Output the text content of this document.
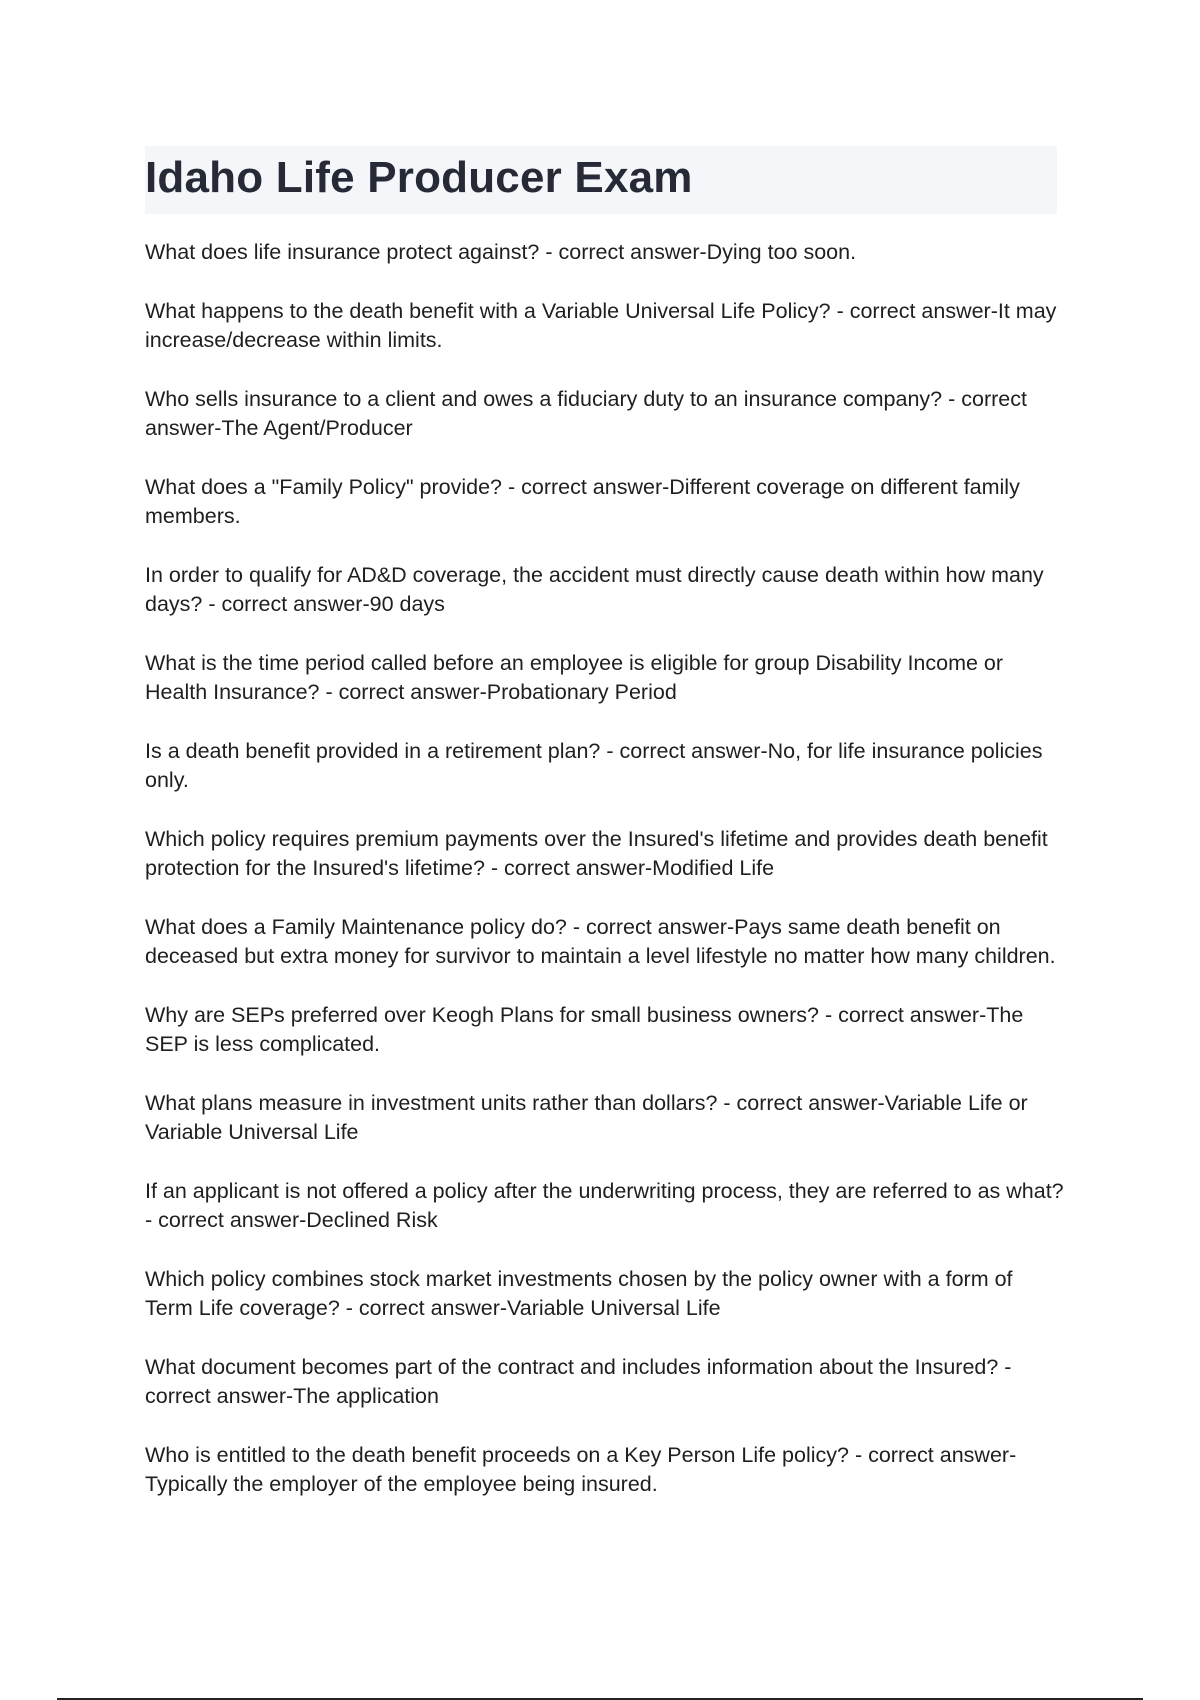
Idaho Life Producer Exam

What does life insurance protect against? - correct answer-Dying too soon.

What happens to the death benefit with a Variable Universal Life Policy? - correct answer-It may increase/decrease within limits.

Who sells insurance to a client and owes a fiduciary duty to an insurance company? - correct answer-The Agent/Producer

What does a "Family Policy" provide? - correct answer-Different coverage on different family members.

In order to qualify for AD&D coverage, the accident must directly cause death within how many days? - correct answer-90 days

What is the time period called before an employee is eligible for group Disability Income or Health Insurance? - correct answer-Probationary Period

Is a death benefit provided in a retirement plan? - correct answer-No, for life insurance policies only.

Which policy requires premium payments over the Insured's lifetime and provides death benefit protection for the Insured's lifetime? - correct answer-Modified Life

What does a Family Maintenance policy do? - correct answer-Pays same death benefit on deceased but extra money for survivor to maintain a level lifestyle no matter how many children.

Why are SEPs preferred over Keogh Plans for small business owners? - correct answer-The SEP is less complicated.

What plans measure in investment units rather than dollars? - correct answer-Variable Life or Variable Universal Life

If an applicant is not offered a policy after the underwriting process, they are referred to as what? - correct answer-Declined Risk

Which policy combines stock market investments chosen by the policy owner with a form of Term Life coverage? - correct answer-Variable Universal Life

What document becomes part of the contract and includes information about the Insured? - correct answer-The application

Who is entitled to the death benefit proceeds on a Key Person Life policy? - correct answer-Typically the employer of the employee being insured.
